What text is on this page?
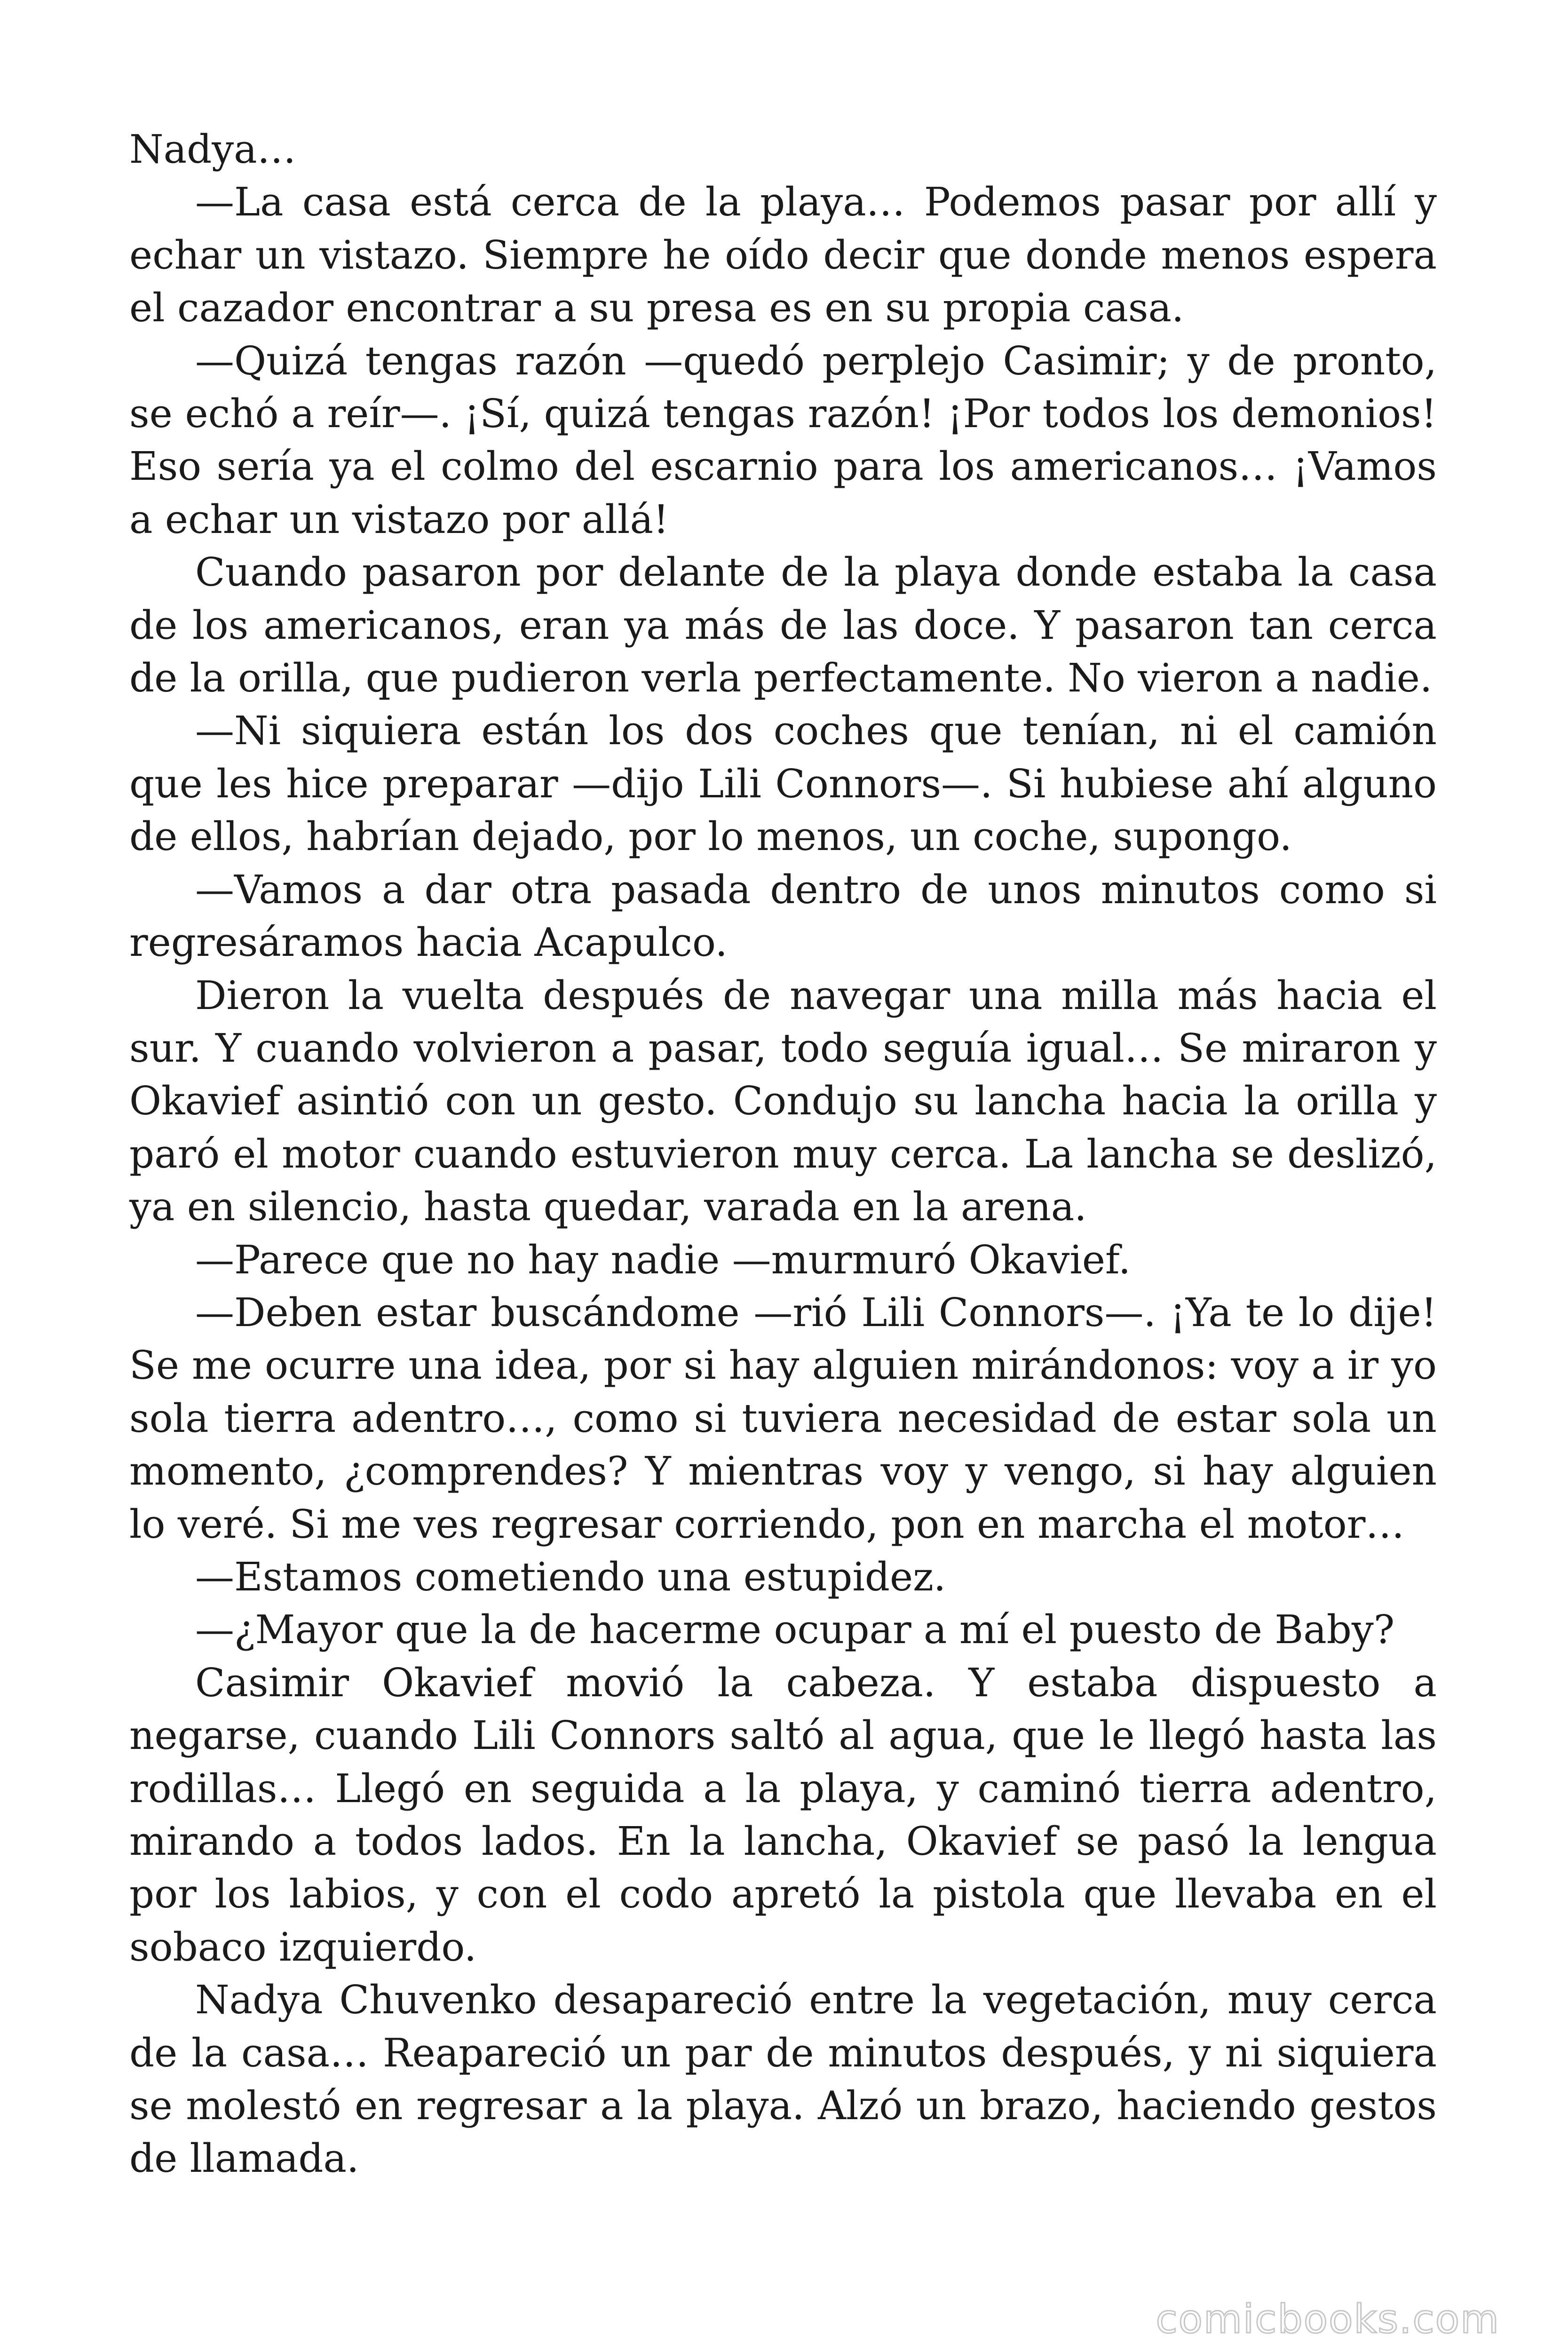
Nadya…

—La casa está cerca de la playa… Podemos pasar por allí y echar un vistazo. Siempre he oído decir que donde menos espera el cazador encontrar a su presa es en su propia casa.

—Quizá tengas razón —quedó perplejo Casimir; y de pronto, se echó a reír—. ¡Sí, quizá tengas razón! ¡Por todos los demonios! Eso sería ya el colmo del escarnio para los americanos… ¡Vamos a echar un vistazo por allá!

Cuando pasaron por delante de la playa donde estaba la casa de los americanos, eran ya más de las doce. Y pasaron tan cerca de la orilla, que pudieron verla perfectamente. No vieron a nadie.

—Ni siquiera están los dos coches que tenían, ni el camión que les hice preparar —dijo Lili Connors—. Si hubiese ahí alguno de ellos, habrían dejado, por lo menos, un coche, supongo.

—Vamos a dar otra pasada dentro de unos minutos como si regresáramos hacia Acapulco.

Dieron la vuelta después de navegar una milla más hacia el sur. Y cuando volvieron a pasar, todo seguía igual… Se miraron y Okavief asintió con un gesto. Condujo su lancha hacia la orilla y paró el motor cuando estuvieron muy cerca. La lancha se deslizó, ya en silencio, hasta quedar, varada en la arena.

—Parece que no hay nadie —murmuró Okavief.

—Deben estar buscándome —rió Lili Connors—. ¡Ya te lo dije! Se me ocurre una idea, por si hay alguien mirándonos: voy a ir yo sola tierra adentro…, como si tuviera necesidad de estar sola un momento, ¿comprendes? Y mientras voy y vengo, si hay alguien lo veré. Si me ves regresar corriendo, pon en marcha el motor…

—Estamos cometiendo una estupidez.

—¿Mayor que la de hacerme ocupar a mí el puesto de Baby?

Casimir Okavief movió la cabeza. Y estaba dispuesto a negarse, cuando Lili Connors saltó al agua, que le llegó hasta las rodillas… Llegó en seguida a la playa, y caminó tierra adentro, mirando a todos lados. En la lancha, Okavief se pasó la lengua por los labios, y con el codo apretó la pistola que llevaba en el sobaco izquierdo.

Nadya Chuvenko desapareció entre la vegetación, muy cerca de la casa… Reapareció un par de minutos después, y ni siquiera se molestó en regresar a la playa. Alzó un brazo, haciendo gestos de llamada.

comicbooks.com
